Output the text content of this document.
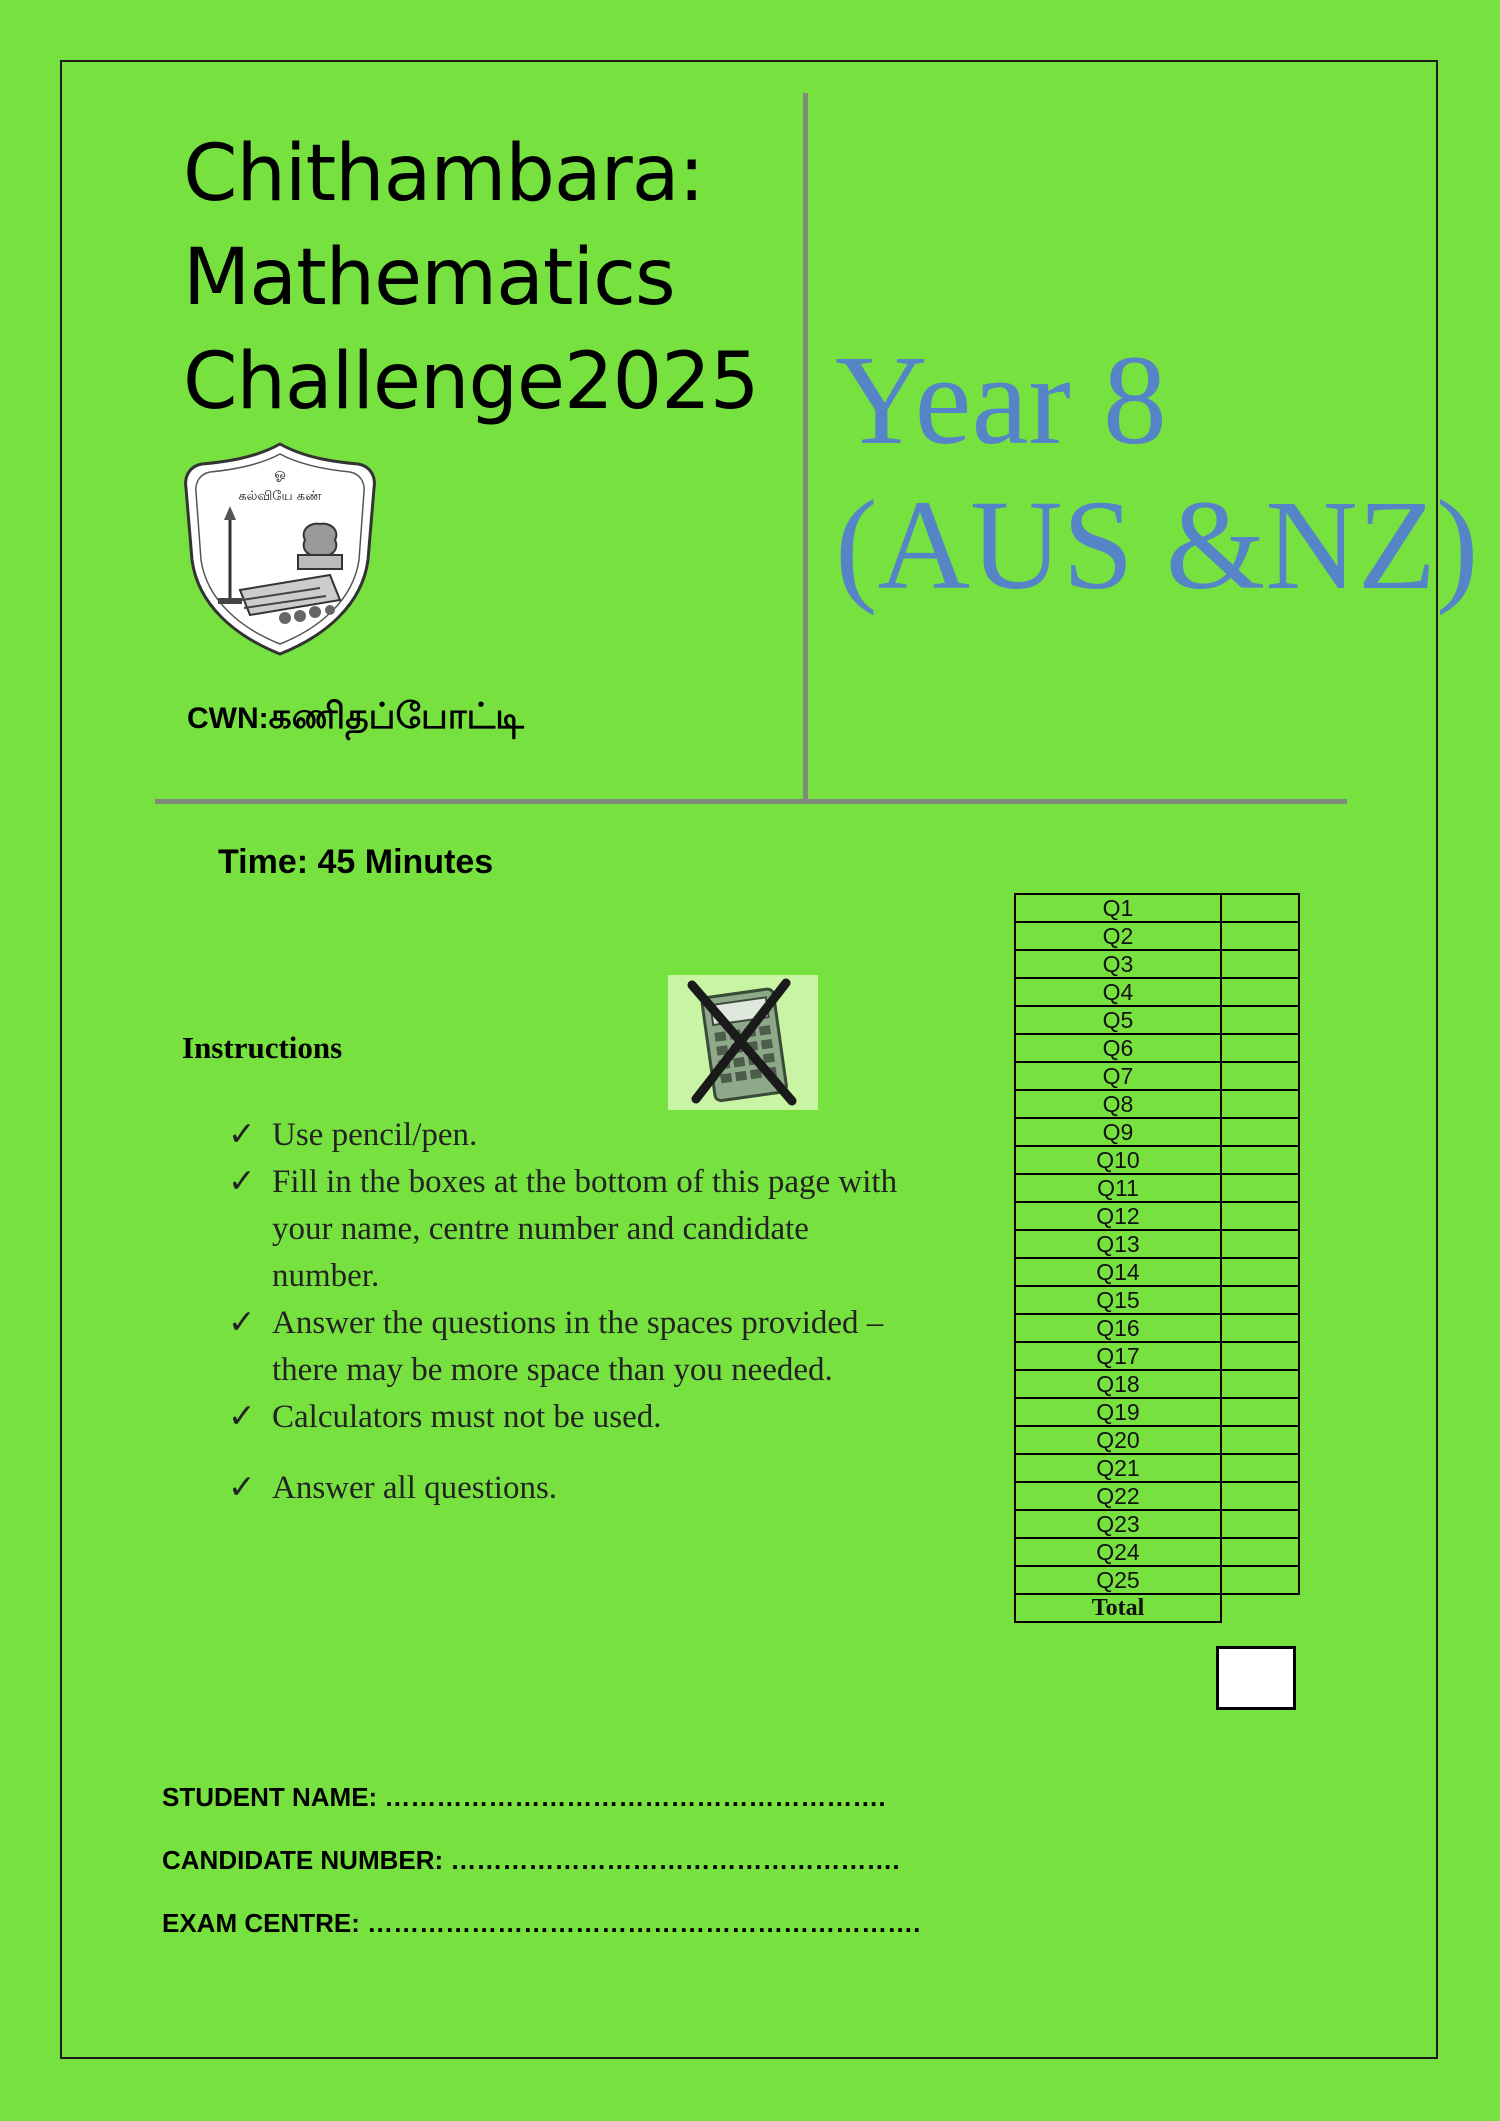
Chithambara:
Mathematics
Challenge2025 Year 8
(AUS &NZ)
ஓ
கல்வியே கண்
CWN:கணிதப்போட்டி
Time: 45 Minutes
Instructions
✓ Use pencil/pen.
✓ Fill in the boxes at the bottom of this page with
your name, centre number and candidate
number.
✓ Answer the questions in the spaces provided –
there may be more space than you needed.
✓ Calculators must not be used.
✓ Answer all questions.
Q1	
Q2	
Q3	
Q4	
Q5	
Q6	
Q7	
Q8	
Q9	
Q10	
Q11	
Q12	
Q13	
Q14	
Q15	
Q16	
Q17	
Q18	
Q19	
Q20	
Q21	
Q22	
Q23	
Q24	
Q25	
Total	
STUDENT NAME: ………………………………………………….
CANDIDATE NUMBER: …………………………………………….
EXAM CENTRE: ……………………………………………………….
